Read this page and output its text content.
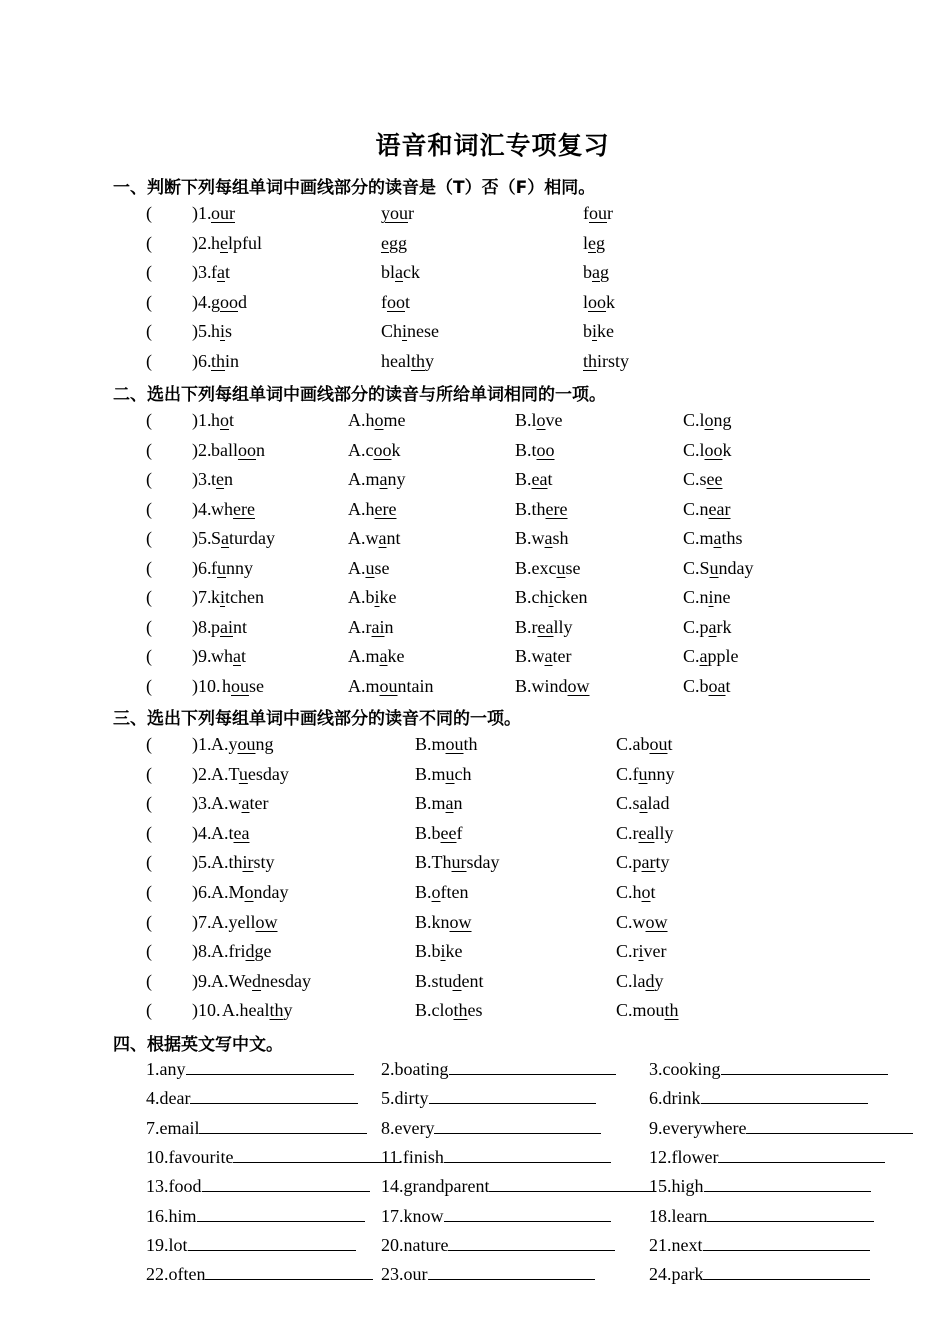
语音和词汇专项复习
一、判断下列每组单词中画线部分的读音是（T）否（F）相同。
( )1. our	your	four
( )2. helpful	egg	leg
( )3. fat	black	bag
( )4. good	foot	look
( )5. his	Chinese	bike
( )6. thin	healthy	thirsty
二、选出下列每组单词中画线部分的读音与所给单词相同的一项。
( )1. hot	A.home	B.love	C.long
( )2. balloon	A.cook	B.too	C.look
( )3. ten	A.many	B.eat	C.see
( )4. where	A.here	B.there	C.near
( )5. Saturday	A.want	B.wash	C.maths
( )6. funny	A.use	B.excuse	C.Sunday
( )7. kitchen	A.bike	B.chicken	C.nine
( )8. paint	A.rain	B.really	C.park
( )9. what	A.make	B.water	C.apple
( )10. house	A.mountain	B.window	C.boat
三、选出下列每组单词中画线部分的读音不同的一项。
( )1. A.young	B.mouth	C.about
( )2. A.Tuesday	B.much	C.funny
( )3. A.water	B.man	C.salad
( )4. A.tea	B.beef	C.really
( )5. A.thirsty	B.Thursday	C.party
( )6. A.Monday	B.often	C.hot
( )7. A.yellow	B.know	C.wow
( )8. A.fridge	B.bike	C.river
( )9. A.Wednesday	B.student	C.lady
( )10. A.healthy	B.clothes	C.mouth
四、根据英文写中文。
1.any	2.boating	3.cooking
4.dear	5.dirty	6.drink
7.email	8.every	9.everywhere
10.favourite	11.finish	12.flower
13.food	14.grandparent	15.high
16.him	17.know	18.learn
19.lot	20.nature	21.next
22.often	23.our	24.park
